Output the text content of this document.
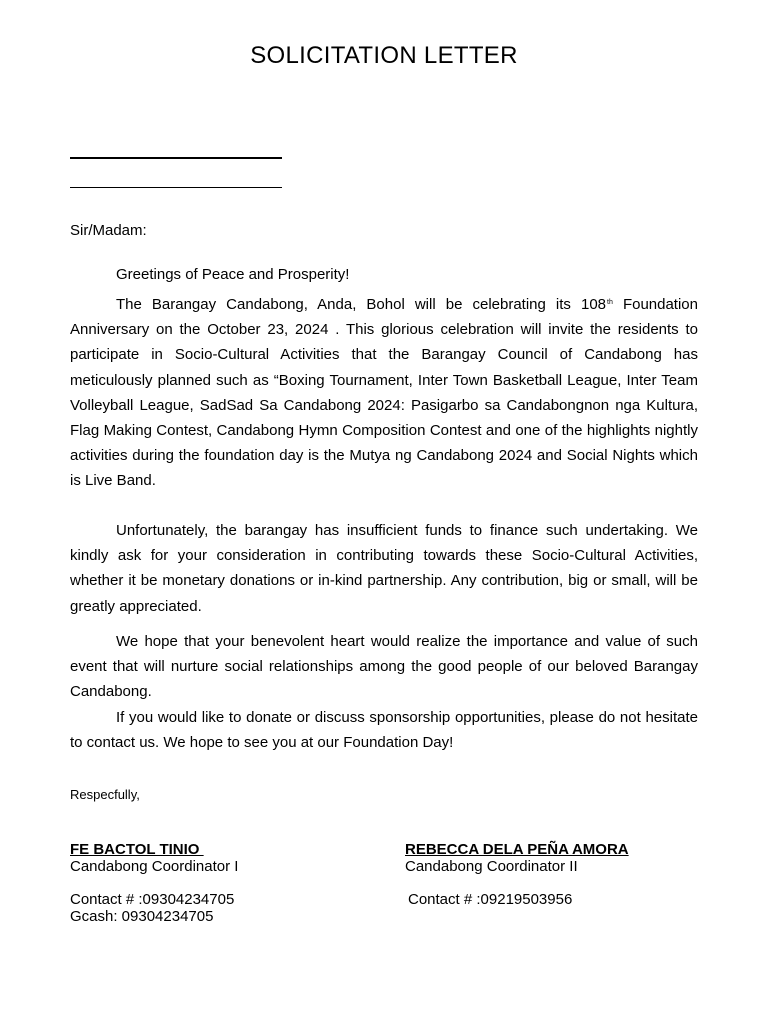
SOLICITATION LETTER
Sir/Madam:

Greetings of Peace and Prosperity!

The Barangay Candabong, Anda, Bohol will be celebrating its 108th Foundation Anniversary on the October 23, 2024 . This glorious celebration will invite the residents to participate in Socio-Cultural Activities that the Barangay Council of Candabong has meticulously planned such as “Boxing Tournament, Inter Town Basketball League, Inter Team Volleyball League, SadSad Sa Candabong 2024: Pasigarbo sa Candabongnon nga Kultura, Flag Making Contest, Candabong Hymn Composition Contest and one of the highlights nightly activities during the foundation day is the Mutya ng Candabong 2024 and Social Nights which is Live Band.

Unfortunately, the barangay has insufficient funds to finance such undertaking. We kindly ask for your consideration in contributing towards these Socio-Cultural Activities, whether it be monetary donations or in-kind partnership. Any contribution, big or small, will be greatly appreciated.

We hope that your benevolent heart would realize the importance and value of such event that will nurture social relationships among the good people of our beloved Barangay Candabong.

If you would like to donate or discuss sponsorship opportunities, please do not hesitate to contact us. We hope to see you at our Foundation Day!

Respecfully,
FE BACTOL TINIO
Candabong Coordinator I
REBECCA DELA PEÑA AMORA
Candabong Coordinator II
Contact # :09304234705
Gcash: 09304234705
Contact # :09219503956
